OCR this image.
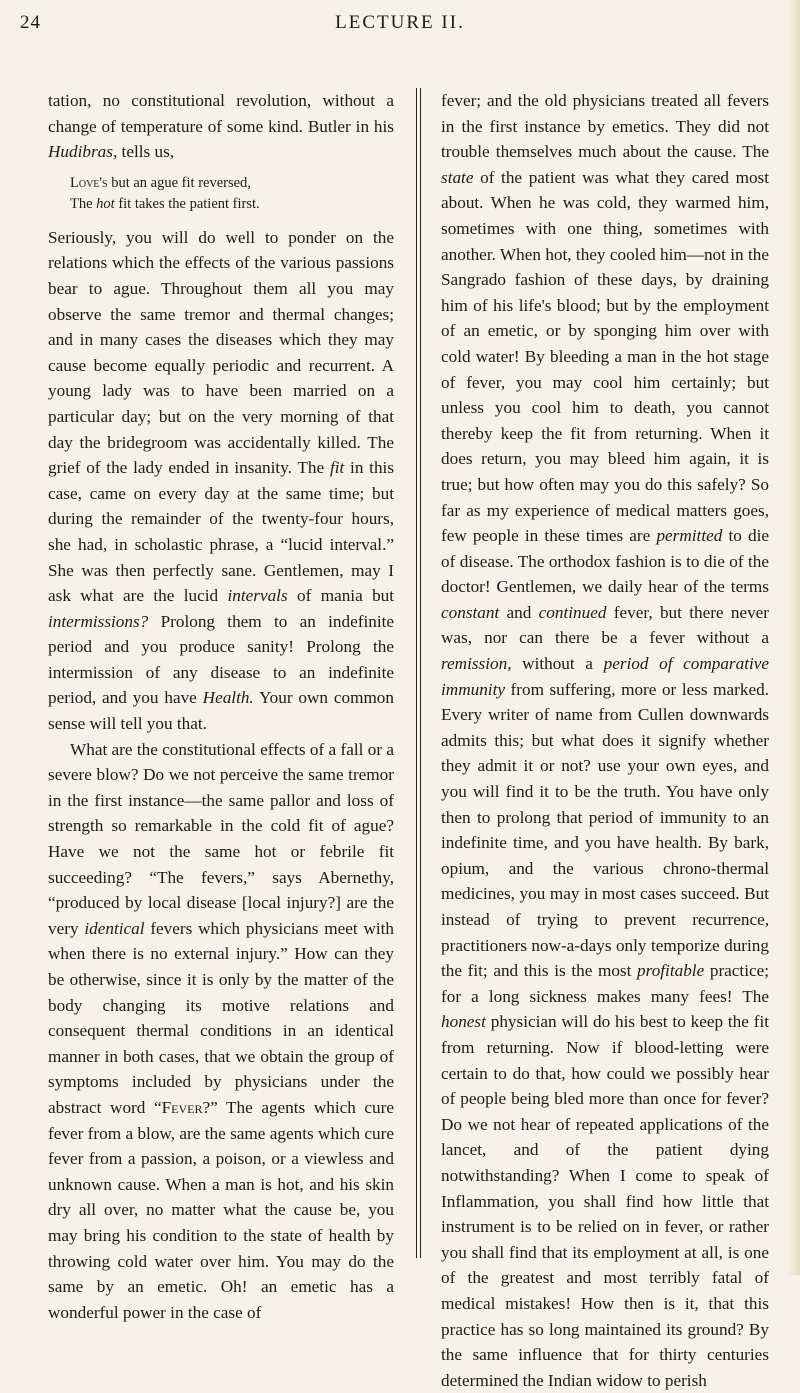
24	LECTURE II.

tation, no constitutional revolution, without a change of temperature of some kind. Butler in his Hudibras, tells us,

Love's but an ague fit reversed,
The hot fit takes the patient first.

Seriously, you will do well to ponder on the relations which the effects of the various passions bear to ague. Throughout them all you may observe the same tremor and thermal changes; and in many cases the diseases which they may cause become equally periodic and recurrent. A young lady was to have been married on a particular day; but on the very morning of that day the bridegroom was accidentally killed. The grief of the lady ended in insanity. The fit in this case, came on every day at the same time; but during the remainder of the twenty-four hours, she had, in scholastic phrase, a “lucid interval.” She was then perfectly sane. Gentlemen, may I ask what are the lucid intervals of mania but intermissions? Prolong them to an indefinite period and you produce sanity! Prolong the intermission of any disease to an indefinite period, and you have Health. Your own common sense will tell you that.

What are the constitutional effects of a fall or a severe blow? Do we not perceive the same tremor in the first instance—the same pallor and loss of strength so remarkable in the cold fit of ague? Have we not the same hot or febrile fit succeeding? “The fevers,” says Abernethy, “produced by local disease [local injury?] are the very identical fevers which physicians meet with when there is no external injury.” How can they be otherwise, since it is only by the matter of the body changing its motive relations and consequent thermal conditions in an identical manner in both cases, that we obtain the group of symptoms included by physicians under the abstract word “Fever?” The agents which cure fever from a blow, are the same agents which cure fever from a passion, a poison, or a viewless and unknown cause. When a man is hot, and his skin dry all over, no matter what the cause be, you may bring his condition to the state of health by throwing cold water over him. You may do the same by an emetic. Oh! an emetic has a wonderful power in the case of

fever; and the old physicians treated all fevers in the first instance by emetics. They did not trouble themselves much about the cause. The state of the patient was what they cared most about. When he was cold, they warmed him, sometimes with one thing, sometimes with another. When hot, they cooled him—not in the Sangrado fashion of these days, by draining him of his life's blood; but by the employment of an emetic, or by sponging him over with cold water! By bleeding a man in the hot stage of fever, you may cool him certainly; but unless you cool him to death, you cannot thereby keep the fit from returning. When it does return, you may bleed him again, it is true; but how often may you do this safely? So far as my experience of medical matters goes, few people in these times are permitted to die of disease. The orthodox fashion is to die of the doctor! Gentlemen, we daily hear of the terms constant and continued fever, but there never was, nor can there be a fever without a remission, without a period of comparative immunity from suffering, more or less marked. Every writer of name from Cullen downwards admits this; but what does it signify whether they admit it or not? use your own eyes, and you will find it to be the truth. You have only then to prolong that period of immunity to an indefinite time, and you have health. By bark, opium, and the various chrono-thermal medicines, you may in most cases succeed. But instead of trying to prevent recurrence, practitioners now-a-days only temporize during the fit; and this is the most profitable practice; for a long sickness makes many fees! The honest physician will do his best to keep the fit from returning. Now if blood-letting were certain to do that, how could we possibly hear of people being bled more than once for fever? Do we not hear of repeated applications of the lancet, and of the patient dying notwithstanding? When I come to speak of Inflammation, you shall find how little that instrument is to be relied on in fever, or rather you shall find that its employment at all, is one of the greatest and most terribly fatal of medical mistakes! How then is it, that this practice has so long maintained its ground? By the same influence that for thirty centuries determined the Indian widow to perish
